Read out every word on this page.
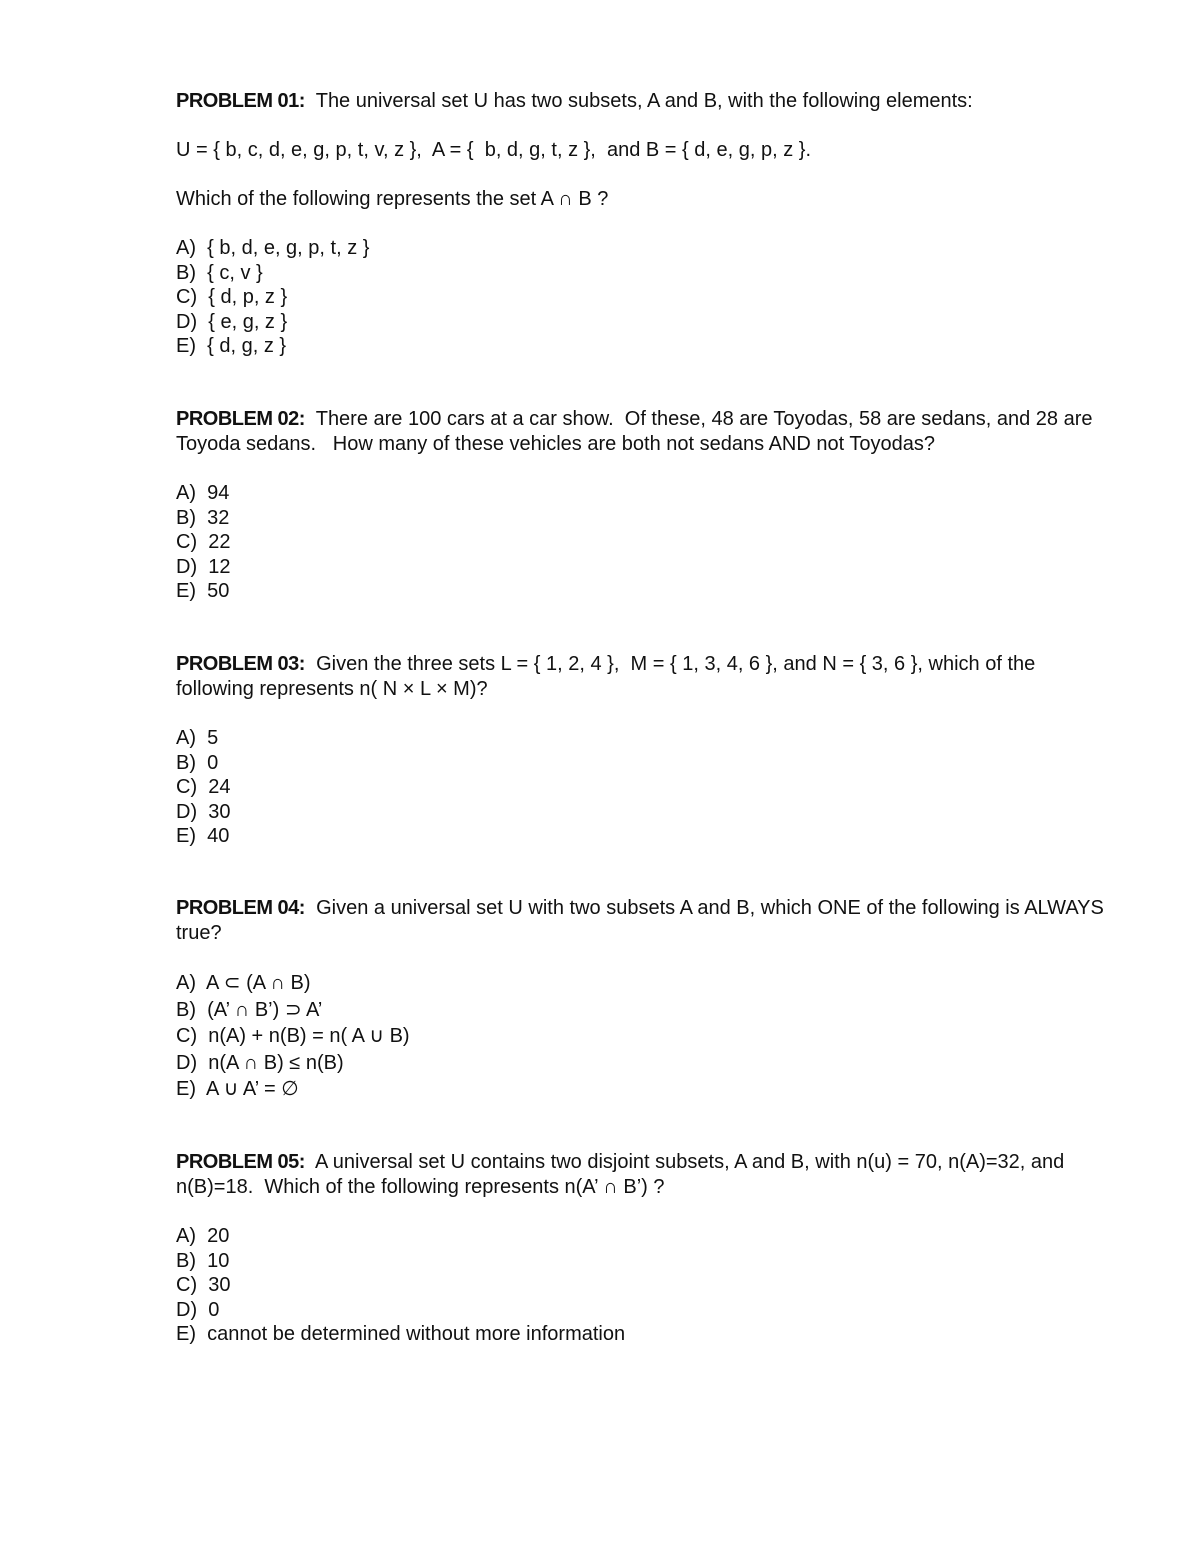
PROBLEM 01:  The universal set U has two subsets, A and B, with the following elements:

U = { b, c, d, e, g, p, t, v, z },  A = {  b, d, g, t, z },  and B = { d, e, g, p, z }.

Which of the following represents the set A ∩ B ?

A)  { b, d, e, g, p, t, z }
B)  { c, v }
C)  { d, p, z }
D)  { e, g, z }
E)  { d, g, z }

PROBLEM 02:  There are 100 cars at a car show.  Of these, 48 are Toyodas, 58 are sedans, and 28 are Toyoda sedans.   How many of these vehicles are both not sedans AND not Toyodas?

A)  94
B)  32
C)  22
D)  12
E)  50

PROBLEM 03:  Given the three sets L = { 1, 2, 4 },  M = { 1, 3, 4, 6 }, and N = { 3, 6 }, which of the following represents n( N × L × M)?

A)  5
B)  0
C)  24
D)  30
E)  40

PROBLEM 04:  Given a universal set U with two subsets A and B, which ONE of the following is ALWAYS true?

A)  A ⊂ (A ∩ B)
B)  (A’ ∩ B’) ⊃ A’
C)  n(A) + n(B) = n( A ∪ B)
D)  n(A ∩ B) ≤ n(B)
E)  A ∪ A’ = ∅

PROBLEM 05:  A universal set U contains two disjoint subsets, A and B, with n(u) = 70, n(A)=32, and n(B)=18.  Which of the following represents n(A’ ∩ B’) ?

A)  20
B)  10
C)  30
D)  0
E)  cannot be determined without more information
